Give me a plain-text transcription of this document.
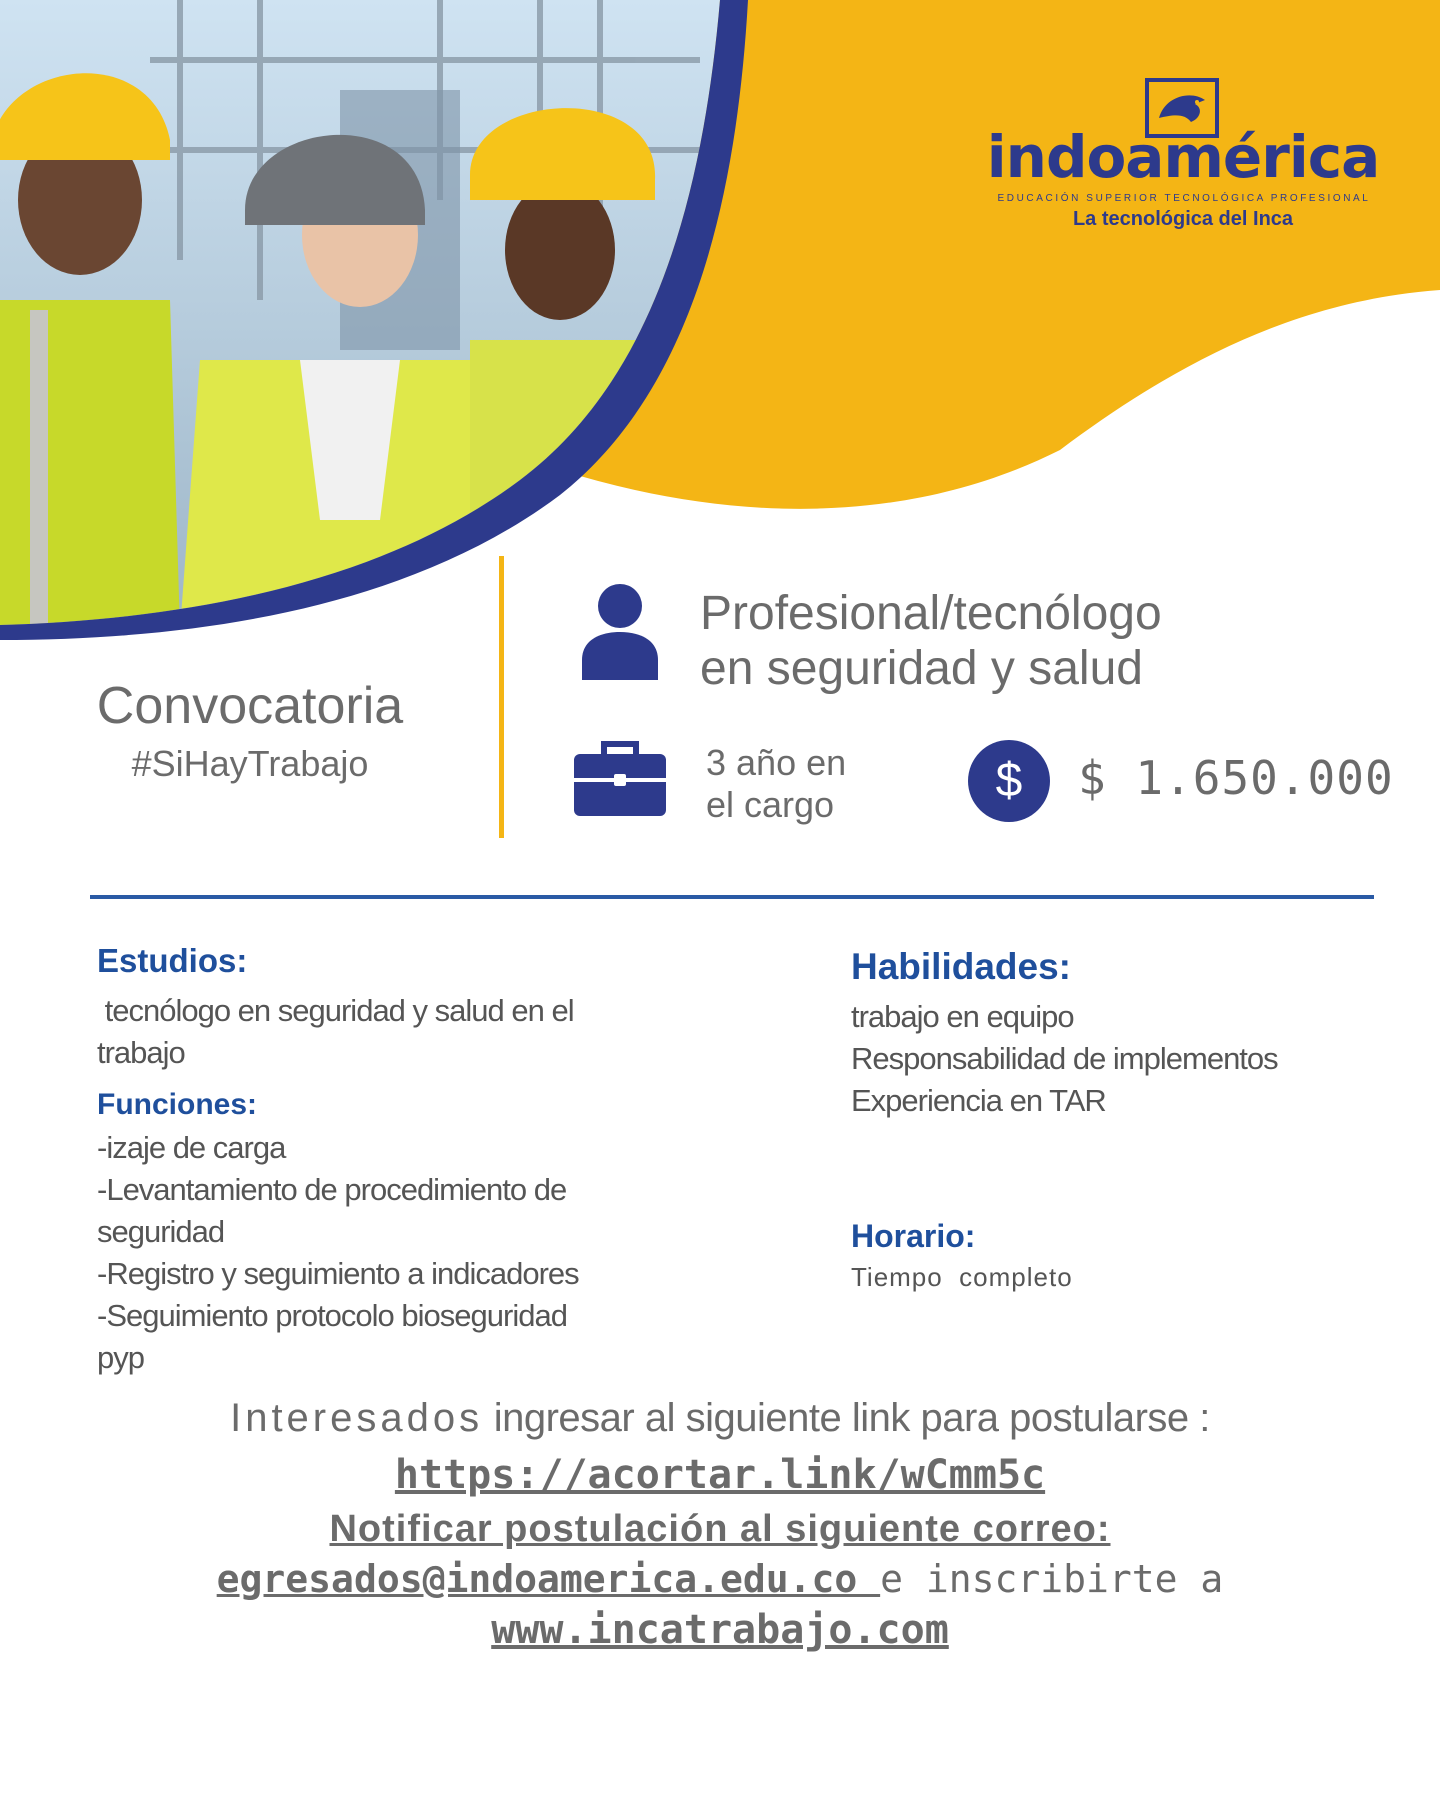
indoamérica
EDUCACIÓN SUPERIOR TECNOLÓGICA PROFESIONAL
La tecnológica del Inca
Convocatoria
#SiHayTrabajo
Profesional/tecnólogo
en seguridad y salud
3 año en
el cargo	$	$ 1.650.000
Estudios:
tecnólogo en seguridad y salud en el
trabajo
Funciones:
-izaje de carga
-Levantamiento de procedimiento de
seguridad
-Registro y seguimiento a indicadores
-Seguimiento protocolo bioseguridad
pyp
Habilidades:
trabajo en equipo
Responsabilidad de implementos
Experiencia en TAR
Horario:
Tiempo  completo
Interesados ingresar al siguiente link para postularse :
https://acortar.link/wCmm5c
Notificar postulación al siguiente correo:
egresados@indoamerica.edu.co e inscribirte a
www.incatrabajo.com
